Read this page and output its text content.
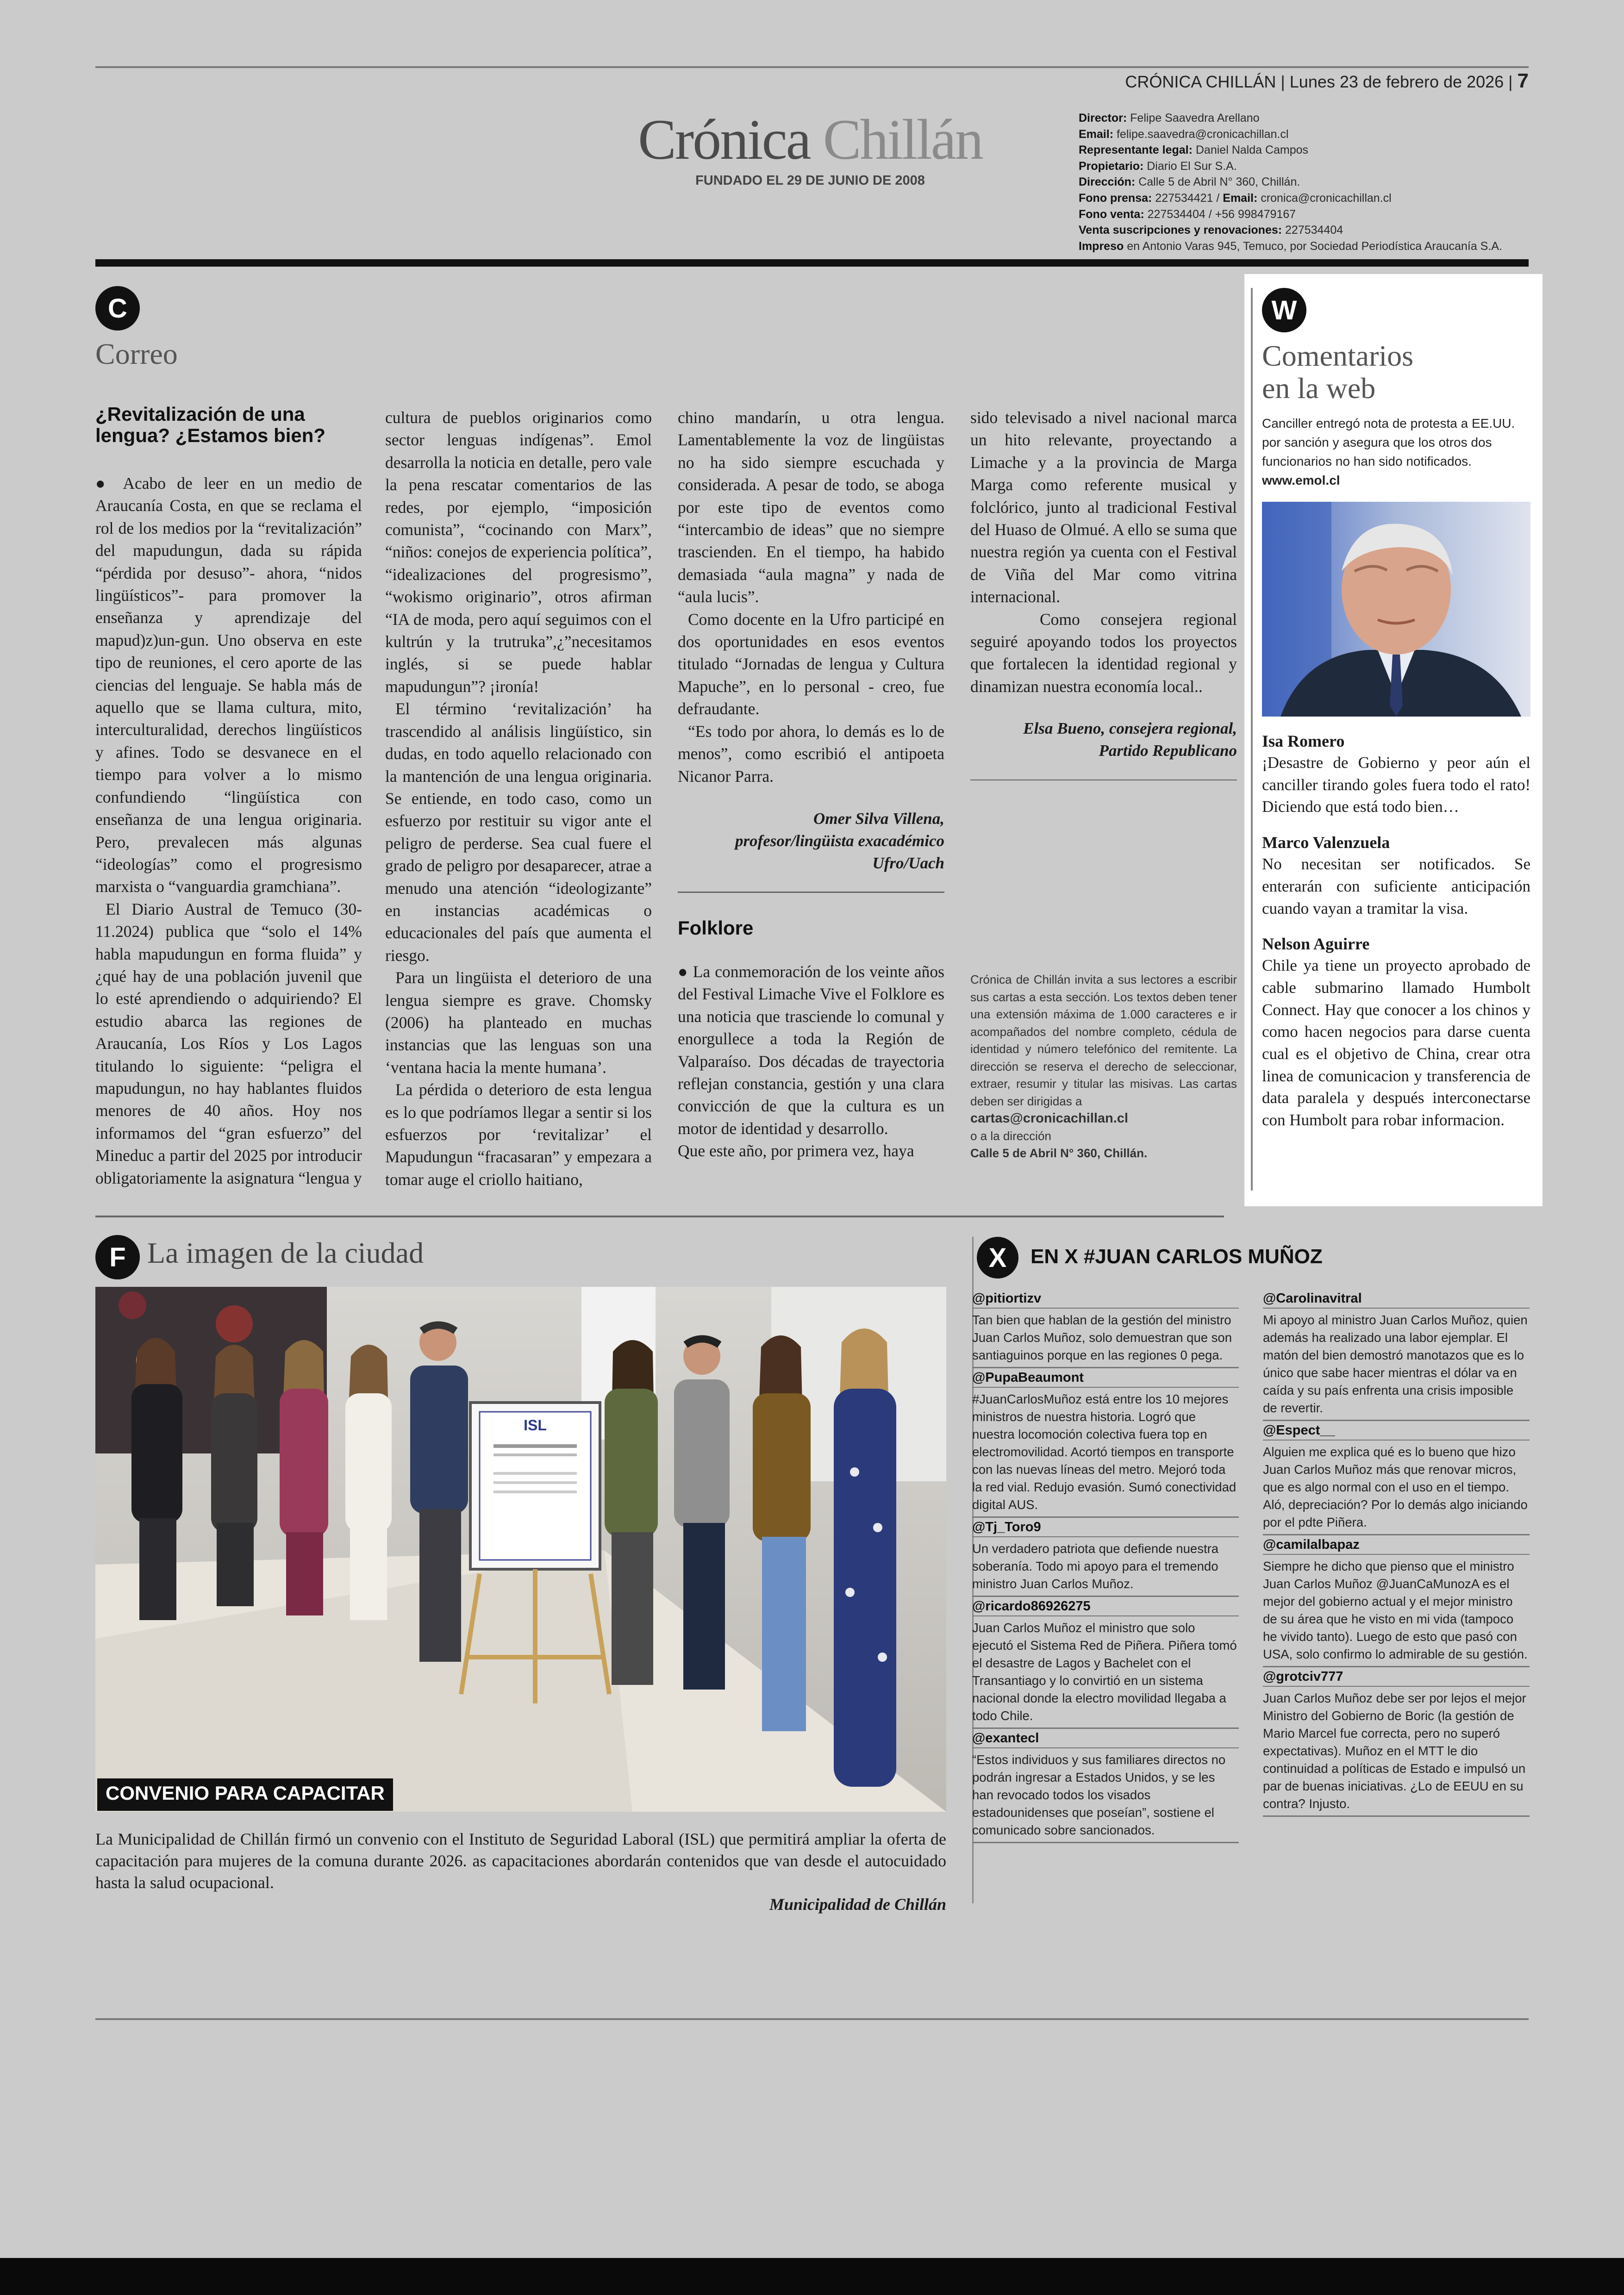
CRÓNICA CHILLÁN | Lunes 23 de febrero de 2026 | 7
Crónica Chillán
FUNDADO EL 29 DE JUNIO DE 2008
Director: Felipe Saavedra Arellano
Email: felipe.saavedra@cronicachillan.cl
Representante legal: Daniel Nalda Campos
Propietario: Diario El Sur S.A.
Dirección: Calle 5 de Abril N° 360, Chillán.
Fono prensa: 227534421 / Email: cronica@cronicachillan.cl
Fono venta: 227534404 / +56 998479167
Venta suscripciones y renovaciones: 227534404
Impreso en Antonio Varas 945, Temuco, por Sociedad Periodística Araucanía S.A.
C
Correo
¿Revitalización de una lengua? ¿Estamos bien?

● Acabo de leer en un medio de Araucanía Costa, en que se reclama el rol de los medios por la “revitalización” del mapudungun, dada su rápida “pérdida por desuso”- ahora, “nidos lingüísticos”- para promover la enseñanza y aprendizaje del mapud)z)un-gun. Uno observa en este tipo de reuniones, el cero aporte de las ciencias del lenguaje. Se habla más de aquello que se llama cultura, mito, interculturalidad, derechos lingüísticos y afines. Todo se desvanece en el tiempo para volver a lo mismo confundiendo “lingüística con enseñanza de una lengua originaria. Pero, prevalecen más algunas “ideologías” como el progresismo marxista o “vanguardia gramchiana”.

El Diario Austral de Temuco (30-11.2024) publica que “solo el 14% habla mapudungun en forma fluida” y ¿qué hay de una población juvenil que lo esté aprendiendo o adquiriendo? El estudio abarca las regiones de Araucanía, Los Ríos y Los Lagos titulando lo siguiente: “peligra el mapudungun, no hay hablantes fluidos menores de 40 años. Hoy nos informamos del “gran esfuerzo” del Mineduc a partir del 2025 por introducir obligatoriamente la asignatura “lengua y

cultura de pueblos originarios como sector lenguas indígenas”. Emol desarrolla la noticia en detalle, pero vale la pena rescatar comentarios de las redes, por ejemplo, “imposición comunista”, “cocinando con Marx”, “niños: conejos de experiencia política”, “idealizaciones del progresismo”, “wokismo originario”, otros afirman “IA de moda, pero aquí seguimos con el kultrún y la trutruka”,¿”necesitamos inglés, si se puede hablar mapudungun”? ¡ironía!

El término ‘revitalización’ ha trascendido al análisis lingüístico, sin dudas, en todo aquello relacionado con la mantención de una lengua originaria. Se entiende, en todo caso, como un esfuerzo por restituir su vigor ante el peligro de perderse. Sea cual fuere el grado de peligro por desaparecer, atrae a menudo una atención “ideologizante” en instancias académicas o educacionales del país que aumenta el riesgo.

Para un lingüista el deterioro de una lengua siempre es grave. Chomsky (2006) ha planteado en muchas instancias que las lenguas son una ‘ventana hacia la mente humana’.

La pérdida o deterioro de esta lengua es lo que podríamos llegar a sentir si los esfuerzos por ‘revitalizar’ el Mapudungun “fracasaran” y empezara a tomar auge el criollo haitiano,

chino mandarín, u otra lengua. Lamentablemente la voz de lingüistas no ha sido siempre escuchada y considerada. A pesar de todo, se aboga por este tipo de eventos como “intercambio de ideas” que no siempre trascienden. En el tiempo, ha habido demasiada “aula magna” y nada de “aula lucis”.

Como docente en la Ufro participé en dos oportunidades en esos eventos titulado “Jornadas de lengua y Cultura Mapuche”, en lo personal - creo, fue defraudante.

“Es todo por ahora, lo demás es lo de menos”, como escribió el antipoeta Nicanor Parra.

Omer Silva Villena,
profesor/lingüista exacadémico
Ufro/Uach
Folklore

● La conmemoración de los veinte años del Festival Limache Vive el Folklore es una noticia que trasciende lo comunal y enorgullece a toda la Región de Valparaíso. Dos décadas de trayectoria reflejan constancia, gestión y una clara convicción de que la cultura es un motor de identidad y desarrollo.

Que este año, por primera vez, haya

sido televisado a nivel nacional marca un hito relevante, proyectando a Limache y a la provincia de Marga Marga como referente musical y folclórico, junto al tradicional Festival del Huaso de Olmué. A ello se suma que nuestra región ya cuenta con el Festival de Viña del Mar como vitrina internacional.

Como consejera regional seguiré apoyando todos los proyectos que fortalecen la identidad regional y dinamizan nuestra economía local..

Elsa Bueno, consejera regional,
Partido Republicano
Crónica de Chillán invita a sus lectores a escribir sus cartas a esta sección. Los textos deben tener una extensión máxima de 1.000 caracteres e ir acompañados del nombre completo, cédula de identidad y número telefónico del remitente. La dirección se reserva el derecho de seleccionar, extraer, resumir y titular las misivas. Las cartas deben ser dirigidas a
cartas@cronicachillan.cl
o a la dirección
Calle 5 de Abril N° 360, Chillán.
W
Comentarios
en la web
Canciller entregó nota de protesta a EE.UU. por sanción y asegura que los otros dos funcionarios no han sido notificados. www.emol.cl
Isa Romero
¡Desastre de Gobierno y peor aún el canciller tirando goles fuera todo el rato! Diciendo que está todo bien…
Marco Valenzuela
No necesitan ser notificados. Se enterarán con suficiente anticipación cuando vayan a tramitar la visa.
Nelson Aguirre
Chile ya tiene un proyecto aprobado de cable submarino llamado Humbolt Connect. Hay que conocer a los chinos y como hacen negocios para darse cuenta cual es el objetivo de China, crear otra linea de comunicacion y transferencia de data paralela y después interconectarse con Humbolt para robar informacion.
F La imagen de la ciudad
ISL
CONVENIO PARA CAPACITAR
La Municipalidad de Chillán firmó un convenio con el Instituto de Seguridad Laboral (ISL) que permitirá ampliar la oferta de capacitación para mujeres de la comuna durante 2026. as capacitaciones abordarán contenidos que van desde el autocuidado hasta la salud ocupacional.
Municipalidad de Chillán
X	EN X #JUAN CARLOS MUÑOZ
@pitiortizv
Tan bien que hablan de la gestión del ministro Juan Carlos Muñoz, solo demuestran que son santiaguinos porque en las regiones 0 pega.
@PupaBeaumont
#JuanCarlosMuñoz está entre los 10 mejores ministros de nuestra historia. Logró que nuestra locomoción colectiva fuera top en electromovilidad. Acortó tiempos en transporte con las nuevas líneas del metro. Mejoró toda la red vial. Redujo evasión. Sumó conectividad digital AUS.
@Tj_Toro9
Un verdadero patriota que defiende nuestra soberanía. Todo mi apoyo para el tremendo ministro Juan Carlos Muñoz.
@ricardo86926275
Juan Carlos Muñoz el ministro que solo ejecutó el Sistema Red de Piñera. Piñera tomó el desastre de Lagos y Bachelet con el Transantiago y lo convirtió en un sistema nacional donde la electro movilidad llegaba a todo Chile.
@exantecl
“Estos individuos y sus familiares directos no podrán ingresar a Estados Unidos, y se les han revocado todos los visados estadounidenses que poseían”, sostiene el comunicado sobre sancionados.
@Carolinavitral
Mi apoyo al ministro Juan Carlos Muñoz, quien además ha realizado una labor ejemplar. El matón del bien demostró manotazos que es lo único que sabe hacer mientras el dólar va en caída y su país enfrenta una crisis imposible de revertir.
@Espect__
Alguien me explica qué es lo bueno que hizo Juan Carlos Muñoz más que renovar micros, que es algo normal con el uso en el tiempo. Aló, depreciación? Por lo demás algo iniciando por el pdte Piñera.
@camilalbapaz
Siempre he dicho que pienso que el ministro Juan Carlos Muñoz @JuanCaMunozA es el mejor del gobierno actual y el mejor ministro de su área que he visto en mi vida (tampoco he vivido tanto). Luego de esto que pasó con USA, solo confirmo lo admirable de su gestión.
@grotciv777
Juan Carlos Muñoz debe ser por lejos el mejor Ministro del Gobierno de Boric (la gestión de Mario Marcel fue correcta, pero no superó expectativas). Muñoz en el MTT le dio continuidad a políticas de Estado e impulsó un par de buenas iniciativas. ¿Lo de EEUU en su contra? Injusto.
